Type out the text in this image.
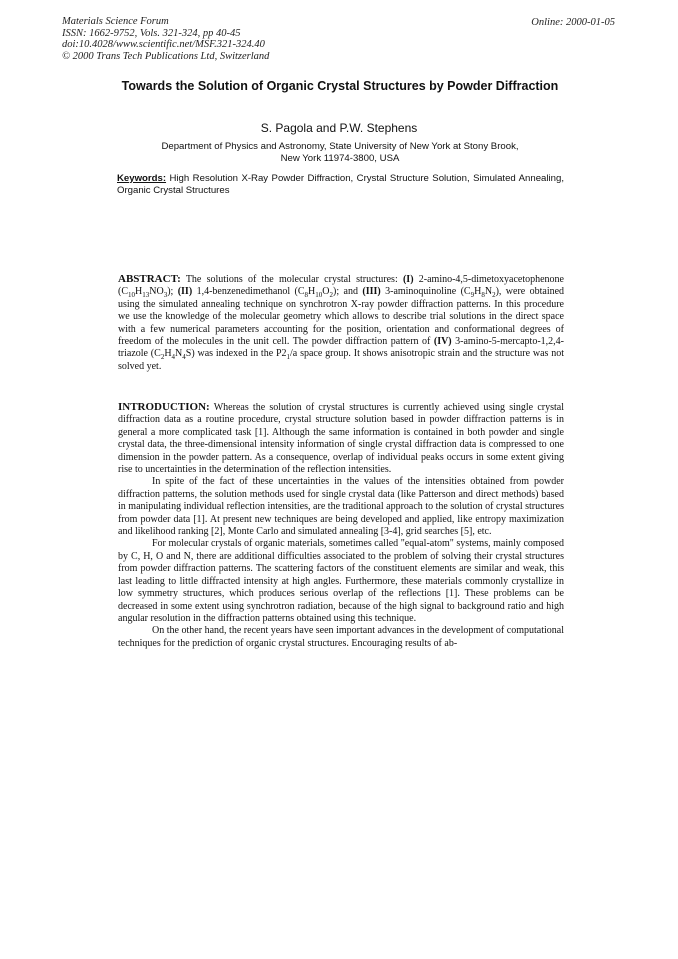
Materials Science Forum
ISSN: 1662-9752, Vols. 321-324, pp 40-45
doi:10.4028/www.scientific.net/MSF.321-324.40
© 2000 Trans Tech Publications Ltd, Switzerland
Online: 2000-01-05
Towards the Solution of Organic Crystal Structures by Powder Diffraction
S. Pagola and P.W. Stephens
Department of Physics and Astronomy, State University of New York at Stony Brook,
New York 11974-3800, USA
Keywords: High Resolution X-Ray Powder Diffraction, Crystal Structure Solution, Simulated Annealing, Organic Crystal Structures

ABSTRACT: The solutions of the molecular crystal structures: (I) 2-amino-4,5-dimetoxyacetophenone $(C_{10}H_{13}NO_3)$; (II) 1,4-benzenedimethanol $(C_8H_{10}O_2)$; and (III) 3-aminoquinoline $(C_9H_8N_2)$, were obtained using the simulated annealing technique on synchrotron X-ray powder diffraction patterns. In this procedure we use the knowledge of the molecular geometry which allows to describe trial solutions in the direct space with a few numerical parameters accounting for the position, orientation and conformational degrees of freedom of the molecules in the unit cell. The powder diffraction pattern of (IV) 3-amino-5-mercapto-1,2,4-triazole $(C_2H_4N_4S)$ was indexed in the $P2_1/a$ space group. It shows anisotropic strain and the structure was not solved yet.

INTRODUCTION: Whereas the solution of crystal structures is currently achieved using single crystal diffraction data as a routine procedure, crystal structure solution based in powder diffraction patterns is in general a more complicated task [1]. Although the same information is contained in both powder and single crystal data, the three-dimensional intensity information of single crystal diffraction data is compressed to one dimension in the powder pattern. As a consequence, overlap of individual peaks occurs in some extent giving rise to uncertainties in the determination of the reflection intensities.

In spite of the fact of these uncertainties in the values of the intensities obtained from powder diffraction patterns, the solution methods used for single crystal data (like Patterson and direct methods) based in manipulating individual reflection intensities, are the traditional approach to the solution of crystal structures from powder data [1]. At present new techniques are being developed and applied, like entropy maximization and likelihood ranking [2], Monte Carlo and simulated annealing [3-4], grid searches [5], etc.

For molecular crystals of organic materials, sometimes called "equal-atom" systems, mainly composed by C, H, O and N, there are additional difficulties associated to the problem of solving their crystal structures from powder diffraction patterns. The scattering factors of the constituent elements are similar and weak, this last leading to little diffracted intensity at high angles. Furthermore, these materials commonly crystallize in low symmetry structures, which produces serious overlap of the reflections [1]. These problems can be decreased in some extent using synchrotron radiation, because of the high signal to background ratio and high angular resolution in the diffraction patterns obtained using this technique.

On the other hand, the recent years have seen important advances in the development of computational techniques for the prediction of organic crystal structures. Encouraging results of ab-
